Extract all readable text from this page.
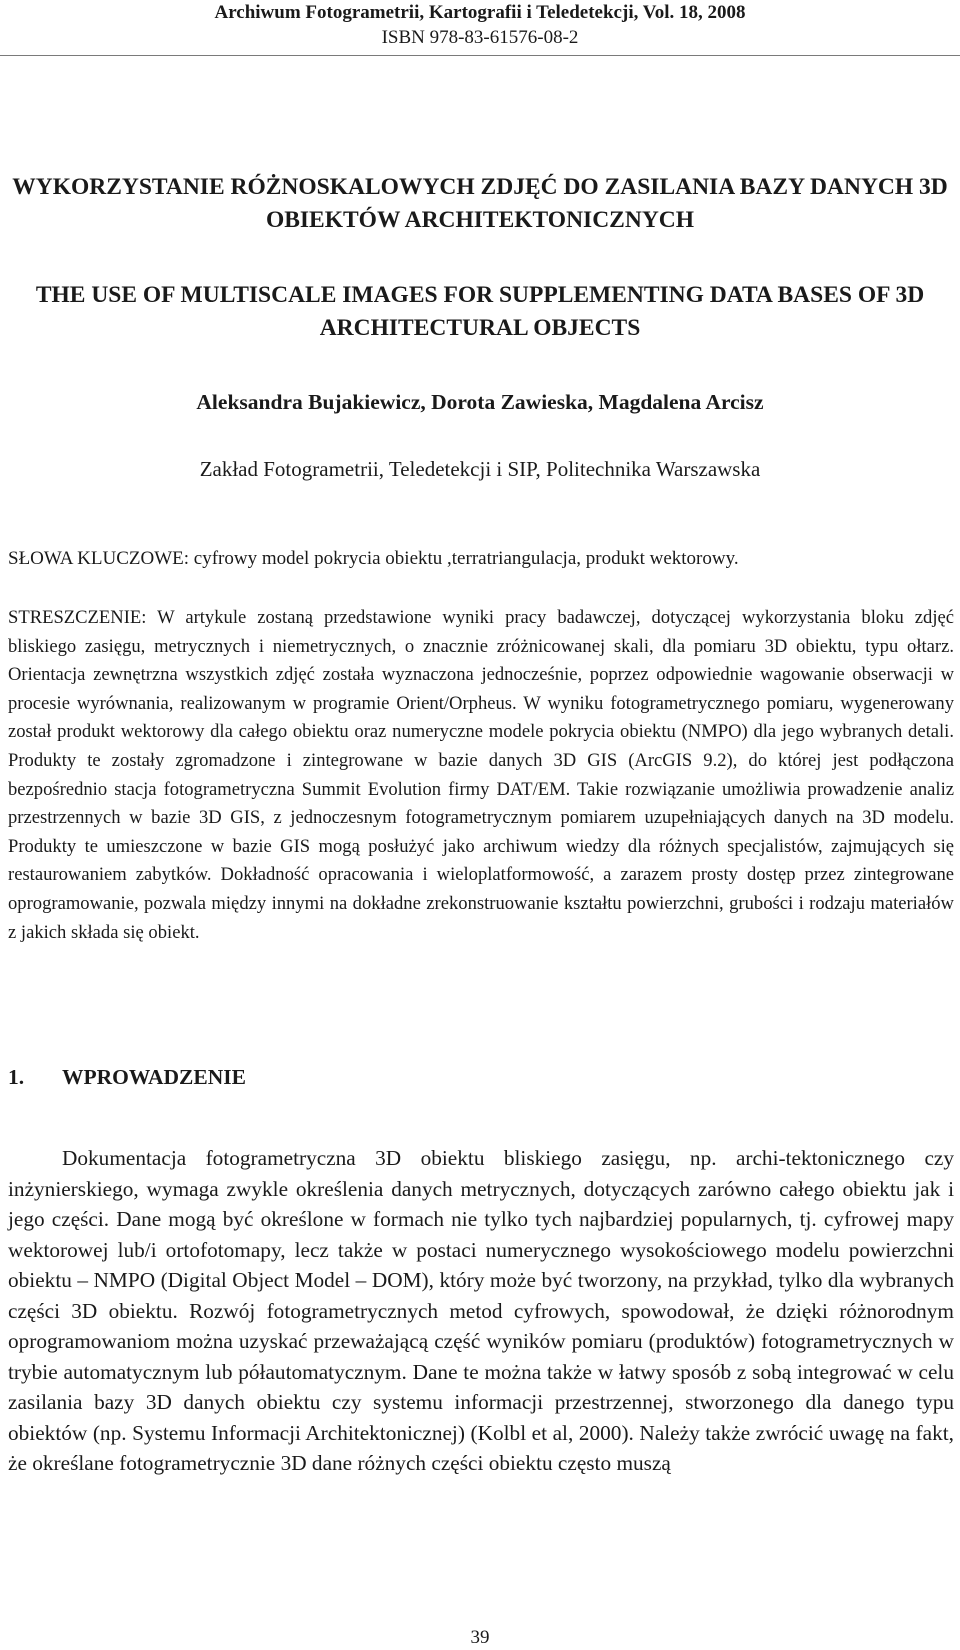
Archiwum Fotogrametrii, Kartografii i Teledetekcji, Vol. 18, 2008
ISBN 978-83-61576-08-2
WYKORZYSTANIE RÓŻNOSKALOWYCH ZDJĘĆ DO ZASILANIA BAZY DANYCH 3D OBIEKTÓW ARCHITEKTONICZNYCH
THE USE OF MULTISCALE IMAGES FOR SUPPLEMENTING DATA BASES OF 3D ARCHITECTURAL OBJECTS
Aleksandra Bujakiewicz, Dorota Zawieska, Magdalena Arcisz
Zakład Fotogrametrii, Teledetekcji i SIP, Politechnika Warszawska
SŁOWA KLUCZOWE: cyfrowy model pokrycia obiektu ,terratriangulacja, produkt wektorowy.

STRESZCZENIE: W artykule zostaną przedstawione wyniki pracy badawczej, dotyczącej wykorzystania bloku zdjęć bliskiego zasięgu, metrycznych i niemetrycznych, o znacznie zróżnicowanej skali, dla pomiaru 3D obiektu, typu ołtarz. Orientacja zewnętrzna wszystkich zdjęć została wyznaczona jednocześnie, poprzez odpowiednie wagowanie obserwacji w procesie wyrównania, realizowanym w programie Orient/Orpheus. W wyniku fotogrametrycznego pomiaru, wygenerowany został produkt wektorowy dla całego obiektu oraz numeryczne modele pokrycia obiektu (NMPO) dla jego wybranych detali. Produkty te zostały zgromadzone i zintegrowane w bazie danych 3D GIS (ArcGIS 9.2), do której jest podłączona bezpośrednio stacja fotogrametryczna Summit Evolution firmy DAT/EM. Takie rozwiązanie umożliwia prowadzenie analiz przestrzennych w bazie 3D GIS, z jednoczesnym fotogrametrycznym pomiarem uzupełniających danych na 3D modelu. Produkty te umieszczone w bazie GIS mogą posłużyć jako archiwum wiedzy dla różnych specjalistów, zajmujących się restaurowaniem zabytków. Dokładność opracowania i wieloplatformowość, a zarazem prosty dostęp przez zintegrowane oprogramowanie, pozwala między innymi na dokładne zrekonstruowanie kształtu powierzchni, grubości i rodzaju materiałów z jakich składa się obiekt.

1. WPROWADZENIE

Dokumentacja fotogrametryczna 3D obiektu bliskiego zasięgu, np. archi-tektonicznego czy inżynierskiego, wymaga zwykle określenia danych metrycznych, dotyczących zarówno całego obiektu jak i jego części. Dane mogą być określone w formach nie tylko tych najbardziej popularnych, tj. cyfrowej mapy wektorowej lub/i ortofotomapy, lecz także w postaci numerycznego wysokościowego modelu powierzchni obiektu – NMPO (Digital Object Model – DOM), który może być tworzony, na przykład, tylko dla wybranych części 3D obiektu. Rozwój fotogrametrycznych metod cyfrowych, spowodował, że dzięki różnorodnym oprogramowaniom można uzyskać przeważającą część wyników pomiaru (produktów) fotogrametrycznych w trybie automatycznym lub półautomatycznym. Dane te można także w łatwy sposób z sobą integrować w celu zasilania bazy 3D danych obiektu czy systemu informacji przestrzennej, stworzonego dla danego typu obiektów (np. Systemu Informacji Architektonicznej) (Kolbl et al, 2000). Należy także zwrócić uwagę na fakt, że określane fotogrametrycznie 3D dane różnych części obiektu często muszą

39
